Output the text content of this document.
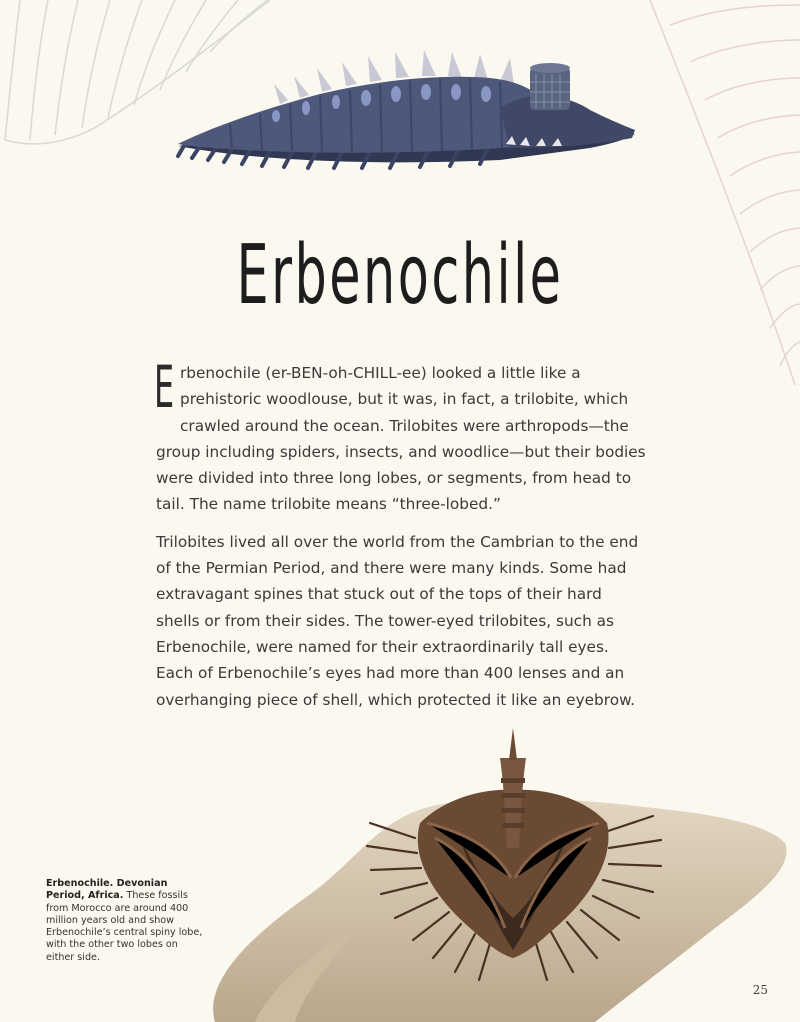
Erbenochile

Erbenochile (er-BEN-oh-CHILL-ee) looked a little like a prehistoric woodlouse, but it was, in fact, a trilobite, which crawled around the ocean. Trilobites were arthropods—the group including spiders, insects, and woodlice—but their bodies were divided into three long lobes, or segments, from head to tail. The name trilobite means “three-lobed.”

Trilobites lived all over the world from the Cambrian to the end of the Permian Period, and there were many kinds. Some had extravagant spines that stuck out of the tops of their hard shells or from their sides. The tower-eyed trilobites, such as Erbenochile, were named for their extraordinarily tall eyes. Each of Erbenochile’s eyes had more than 400 lenses and an overhanging piece of shell, which protected it like an eyebrow.

Erbenochile. Devonian Period, Africa. These fossils from Morocco are around 400 million years old and show Erbenochile’s central spiny lobe, with the other two lobes on either side.
25
